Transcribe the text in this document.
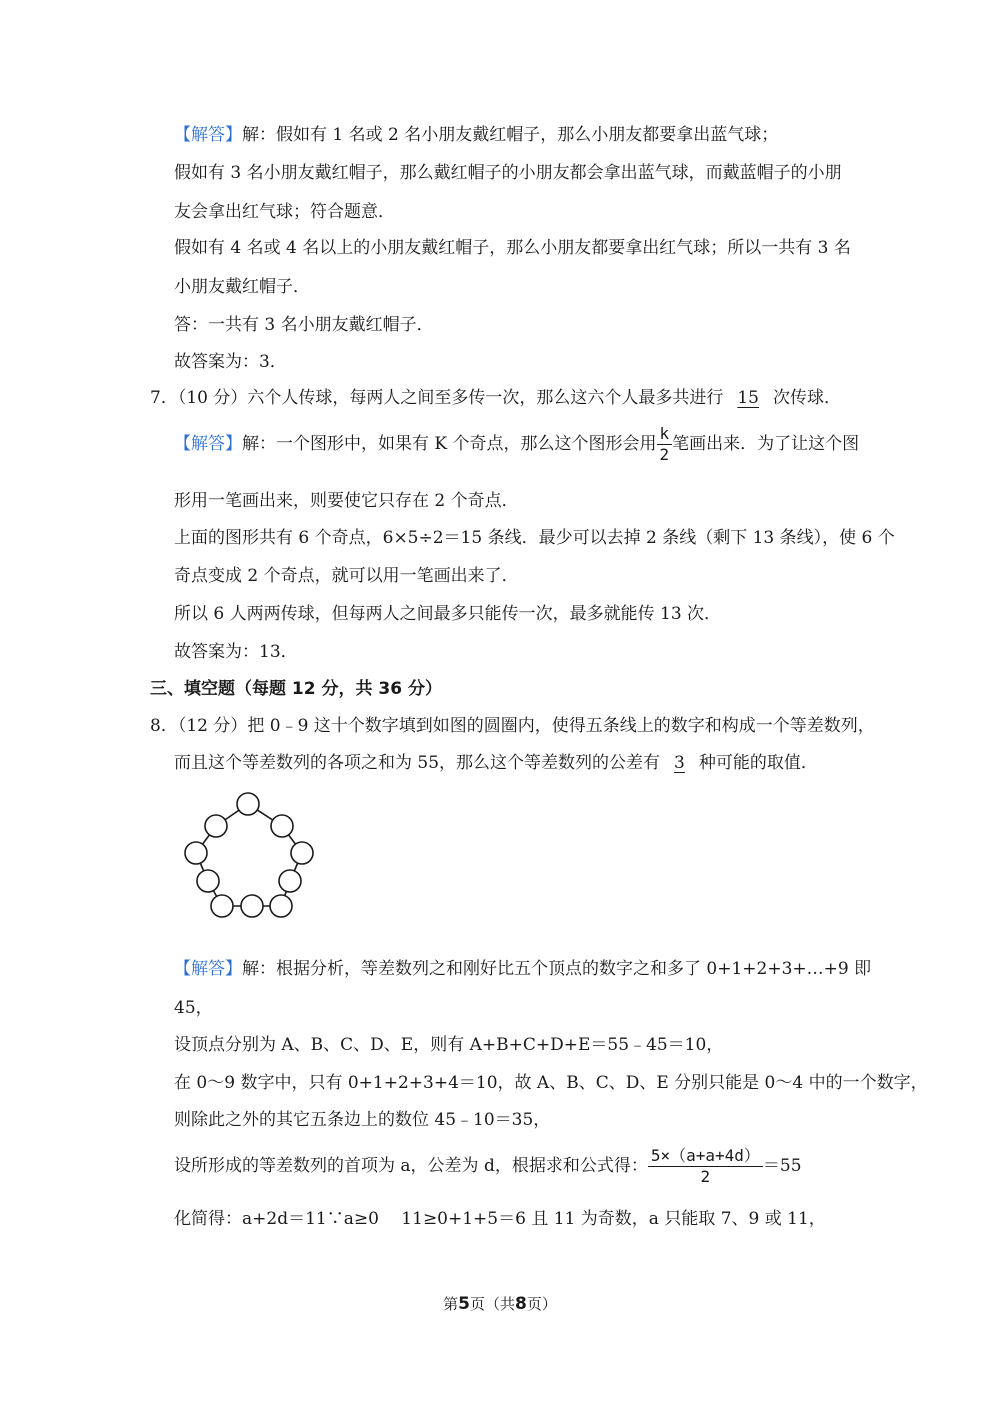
【解答】解：假如有 1 名或 2 名小朋友戴红帽子，那么小朋友都要拿出蓝气球；
假如有 3 名小朋友戴红帽子，那么戴红帽子的小朋友都会拿出蓝气球，而戴蓝帽子的小朋
友会拿出红气球；符合题意．
假如有 4 名或 4 名以上的小朋友戴红帽子，那么小朋友都要拿出红气球；所以一共有 3 名
小朋友戴红帽子．
答：一共有 3 名小朋友戴红帽子．
故答案为：3．
7．（10 分）六个人传球，每两人之间至多传一次，那么这六个人最多共进行 15 次传球．
【解答】解：一个图形中，如果有 K 个奇点，那么这个图形会用 $\frac{k}{2}$ 笔画出来．为了让这个图
形用一笔画出来，则要使它只存在 2 个奇点．
上面的图形共有 6 个奇点，6×5÷2＝15 条线．最少可以去掉 2 条线（剩下 13 条线），使 6 个
奇点变成 2 个奇点，就可以用一笔画出来了．
所以 6 人两两传球，但每两人之间最多只能传一次，最多就能传 13 次．
故答案为：13．
三、填空题（每题 12 分，共 36 分）
8．（12 分）把 0﹣9 这十个数字填到如图的圆圈内，使得五条线上的数字和构成一个等差数列，
而且这个等差数列的各项之和为 55，那么这个等差数列的公差有 3 种可能的取值．
【解答】解：根据分析，等差数列之和刚好比五个顶点的数字之和多了 0+1+2+3+…+9 即
45，
设顶点分别为 A、B、C、D、E，则有 A+B+C+D+E＝55﹣45＝10，
在 0～9 数字中，只有 0+1+2+3+4＝10，故 A、B、C、D、E 分别只能是 0～4 中的一个数字，
则除此之外的其它五条边上的数位 45﹣10＝35，
设所形成的等差数列的首项为 a，公差为 d，根据求和公式得： $\frac{5\times(a+a+4d)}{2} =55$
化简得：a+2d＝11∵a≥0　 11≥0+1+5＝6 且 11 为奇数，a 只能取 7、9 或 11，
第5页（共8页）
